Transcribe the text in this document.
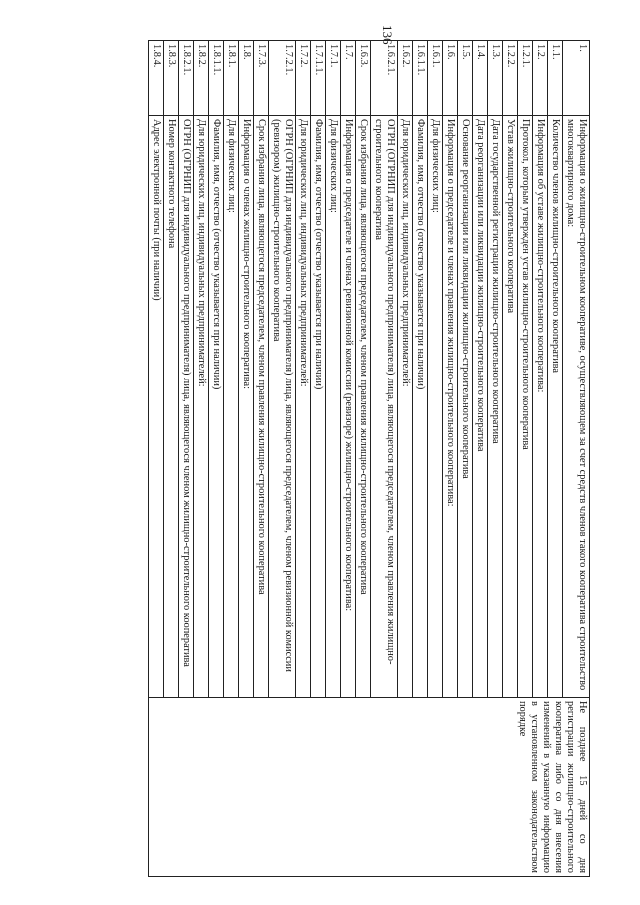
136
1.	Информация о жилищно-строительном кооперативе, осуществляющем за счет средств членов такого кооператива строительство многоквартирного дома:	Не позднее 15 дней со дня регистрации жилищно-строительного кооператива либо со дня внесения изменений в указанную информацию в установленном законодательством порядке

1.1.	Количество членов жилищно-строительного кооператива	
1.2.	Информация об уставе жилищно-строительного кооператива:	
1.2.1.	Протокол, которым утвержден устав жилищно-строительного кооператива	
1.2.2.	Устав жилищно-строительного кооператива	
1.3.	Дата государственной регистрации жилищно-строительного кооператива	
1.4.	Дата реорганизации или ликвидации жилищно-строительного кооператива	
1.5.	Основание реорганизации или ликвидации жилищно-строительного кооператива	
1.6.	Информация о председателе и членах правления жилищно-строительного кооператива:	
1.6.1.	Для физических лиц:	
1.6.1.1.	Фамилия, имя, отчество (отчество указывается при наличии)	
1.6.2.	Для юридических лиц, индивидуальных предпринимателей:	
1.6.2.1.	ОГРН (ОГРНИП для индивидуального предпринимателя) лица, являющегося председателем, членом правления жилищно-строительного кооператива	
1.6.3.	Срок избрания лица, являющегося председателем, членом правления жилищно-строительного кооператива	
1.7.	Информация о председателе и членах ревизионной комиссии (ревизоре) жилищно-строительного кооператива:	
1.7.1.	Для физических лиц:	
1.7.1.1.	Фамилия, имя, отчество (отчество указывается при наличии)	
1.7.2.	Для юридических лиц, индивидуальных предпринимателей:	
1.7.2.1.	ОГРН (ОГРНИП для индивидуального предпринимателя) лица, являющегося председателем, членом ревизионной комиссии (ревизором) жилищно-строительного кооператива	
1.7.3.	Срок избрания лица, являющегося председателем, членом правления жилищно-строительного кооператива	
1.8.	Информация о членах жилищно-строительного кооператива:	
1.8.1.	Для физических лиц:	
1.8.1.1.	Фамилия, имя, отчество (отчество указывается при наличии)	
1.8.2.	Для юридических лиц, индивидуальных предпринимателей:	
1.8.2.1.	ОГРН (ОГРНИП для индивидуального предпринимателя) лица, являющегося членом жилищно-строительного кооператива	
1.8.3.	Номер контактного телефона	
1.8.4.	Адрес электронной почты (при наличии)	
